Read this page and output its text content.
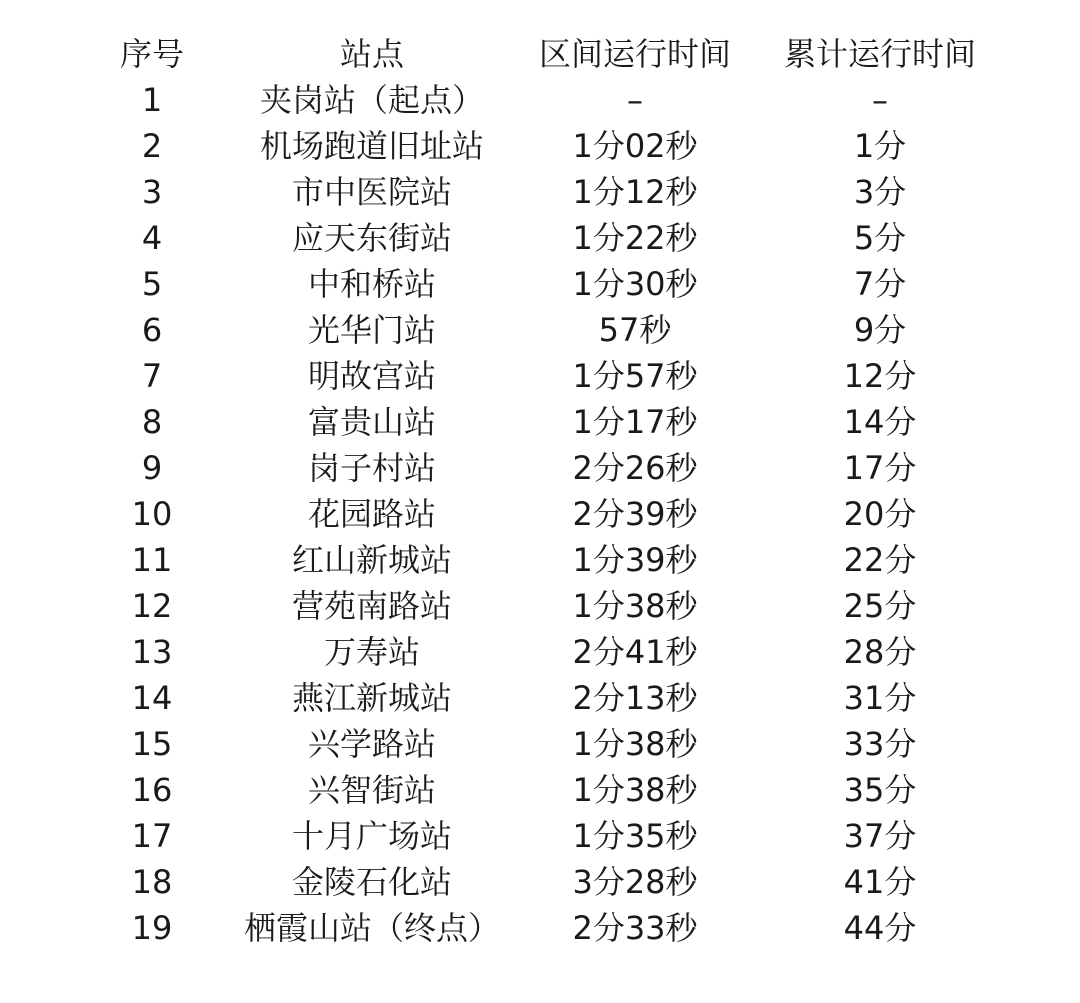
序号	站点	区间运行时间	累计运行时间
1	夹岗站（起点）	–	–
2	机场跑道旧址站	1分02秒	1分
3	市中医院站	1分12秒	3分
4	应天东街站	1分22秒	5分
5	中和桥站	1分30秒	7分
6	光华门站	57秒	9分
7	明故宫站	1分57秒	12分
8	富贵山站	1分17秒	14分
9	岗子村站	2分26秒	17分
10	花园路站	2分39秒	20分
11	红山新城站	1分39秒	22分
12	营苑南路站	1分38秒	25分
13	万寿站	2分41秒	28分
14	燕江新城站	2分13秒	31分
15	兴学路站	1分38秒	33分
16	兴智街站	1分38秒	35分
17	十月广场站	1分35秒	37分
18	金陵石化站	3分28秒	41分
19	栖霞山站（终点）	2分33秒	44分
